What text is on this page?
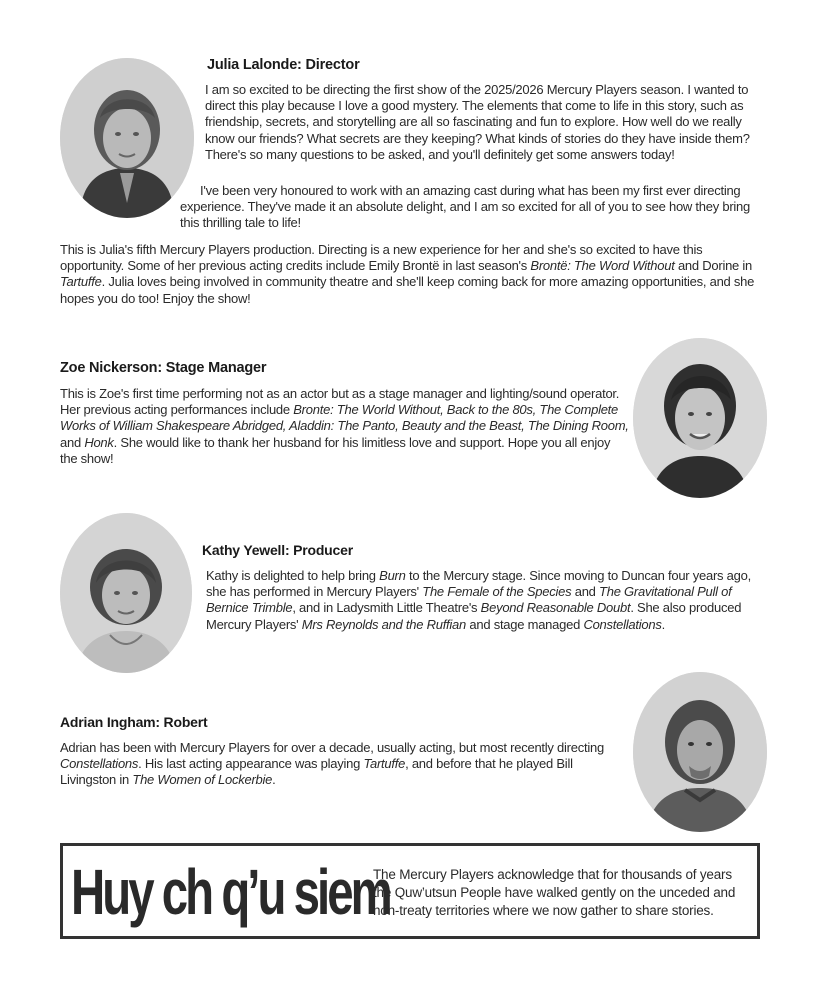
Julia Lalonde: Director

I am so excited to be directing the first show of the 2025/2026 Mercury Players season. I wanted to direct this play because I love a good mystery. The elements that come to life in this story, such as friendship, secrets, and storytelling are all so fascinating and fun to explore. How well do we really know our friends? What secrets are they keeping? What kinds of stories do they have inside them? There's so many questions to be asked, and you'll definitely get some answers today!

I've been very honoured to work with an amazing cast during what has been my first ever directing experience. They've made it an absolute delight, and I am so excited for all of you to see how they bring this thrilling tale to life!

This is Julia's fifth Mercury Players production. Directing is a new experience for her and she's so excited to have this opportunity. Some of her previous acting credits include Emily Brontë in last season's Brontë: The Word Without and Dorine in Tartuffe. Julia loves being involved in community theatre and she'll keep coming back for more amazing opportunities, and she hopes you do too! Enjoy the show!

Zoe Nickerson: Stage Manager

This is Zoe's first time performing not as an actor but as a stage manager and lighting/sound operator. Her previous acting performances include Bronte: The World Without, Back to the 80s, The Complete Works of William Shakespeare Abridged, Aladdin: The Panto, Beauty and the Beast, The Dining Room, and Honk. She would like to thank her husband for his limitless love and support. Hope you all enjoy the show!

Kathy Yewell: Producer

Kathy is delighted to help bring Burn to the Mercury stage. Since moving to Duncan four years ago, she has performed in Mercury Players' The Female of the Species and The Gravitational Pull of Bernice Trimble, and in Ladysmith Little Theatre's Beyond Reasonable Doubt. She also produced Mercury Players' Mrs Reynolds and the Ruffian and stage managed Constellations.

Adrian Ingham: Robert

Adrian has been with Mercury Players for over a decade, usually acting, but most recently directing Constellations. His last acting appearance was playing Tartuffe, and before that he played Bill Livingston in The Women of Lockerbie.

Huy ch q’u siem

The Mercury Players acknowledge that for thousands of years the Quw’utsun People have walked gently on the unceded and non-treaty territories where we now gather to share stories.
